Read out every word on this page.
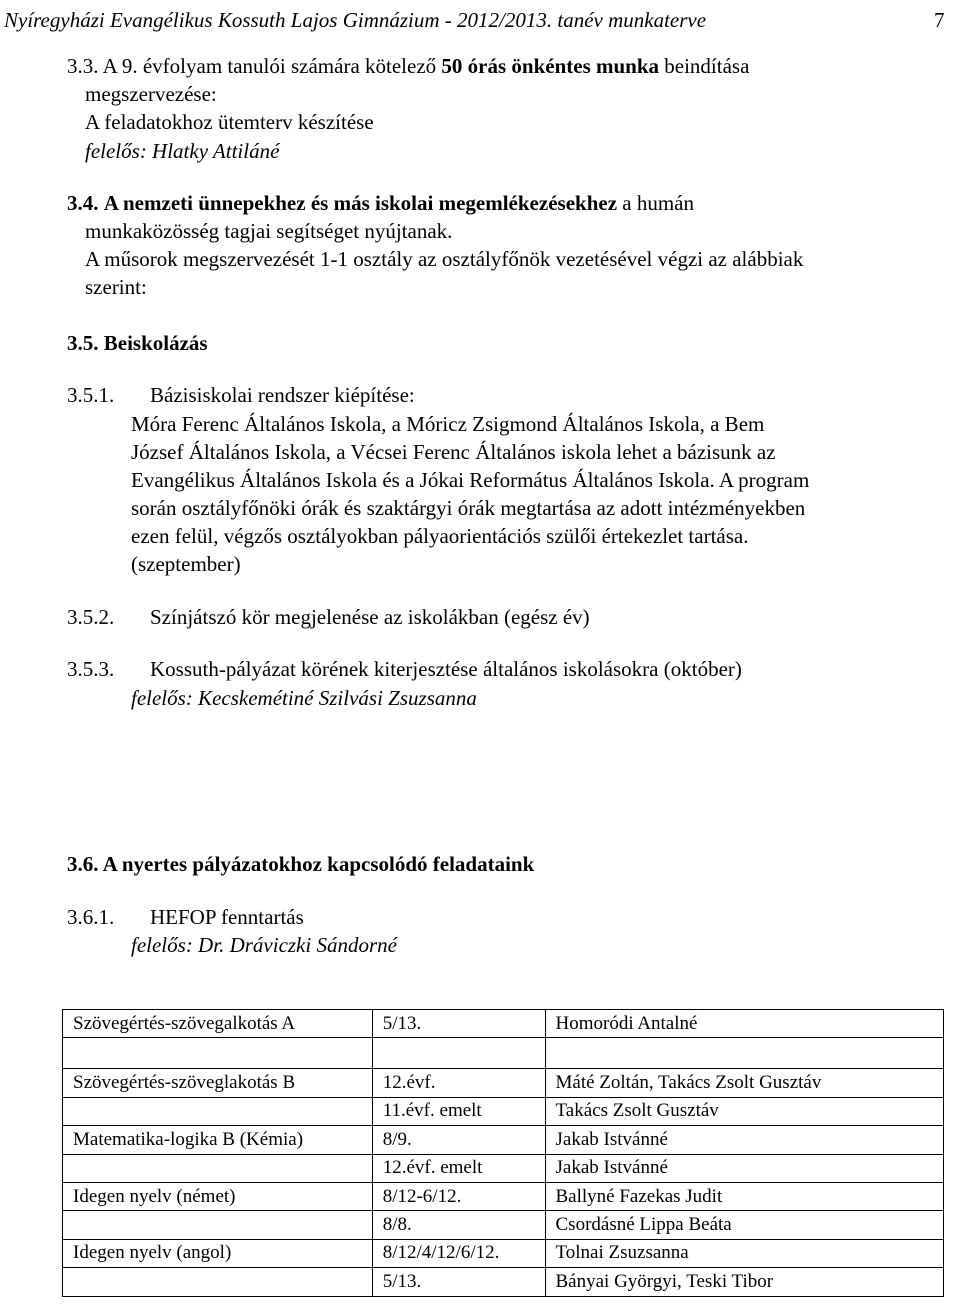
Nyíregyházi Evangélikus Kossuth Lajos Gimnázium - 2012/2013. tanév munkaterve	7
3.3. A 9. évfolyam tanulói számára kötelező 50 órás önkéntes munka beindítása
megszervezése:
A feladatokhoz ütemterv készítése
felelős: Hlatky Attiláné
3.4. A nemzeti ünnepekhez és más iskolai megemlékezésekhez a humán
munkaközösség tagjai segítséget nyújtanak.
A műsorok megszervezését 1-1 osztály az osztályfőnök vezetésével végzi az alábbiak
szerint:
3.5. Beiskolázás
3.5.1. Bázisiskolai rendszer kiépítése:
Móra Ferenc Általános Iskola, a Móricz Zsigmond Általános Iskola, a Bem
József Általános Iskola, a Vécsei Ferenc Általános iskola lehet a bázisunk az
Evangélikus Általános Iskola és a Jókai Református Általános Iskola. A program
során osztályfőnöki órák és szaktárgyi órák megtartása az adott intézményekben
ezen felül, végzős osztályokban pályaorientációs szülői értekezlet tartása.
(szeptember)
3.5.2. Színjátszó kör megjelenése az iskolákban (egész év)
3.5.3. Kossuth-pályázat körének kiterjesztése általános iskolásokra (október)
felelős: Kecskemétiné Szilvási Zsuzsanna
3.6. A nyertes pályázatokhoz kapcsolódó feladataink
3.6.1. HEFOP fenntartás
felelős: Dr. Dráviczki Sándorné
Szövegértés-szövegalkotás A	5/13.	Homoródi Antalné

Szövegértés-szöveglakotás B	12.évf.	Máté Zoltán, Takács Zsolt Gusztáv
	11.évf. emelt	Takács Zsolt Gusztáv
Matematika-logika B (Kémia)	8/9.	Jakab Istvánné
	12.évf. emelt	Jakab Istvánné
Idegen nyelv (német)	8/12-6/12.	Ballyné Fazekas Judit
	8/8.	Csordásné Lippa Beáta
Idegen nyelv (angol)	8/12/4/12/6/12.	Tolnai Zsuzsanna
	5/13.	Bányai Györgyi, Teski Tibor
